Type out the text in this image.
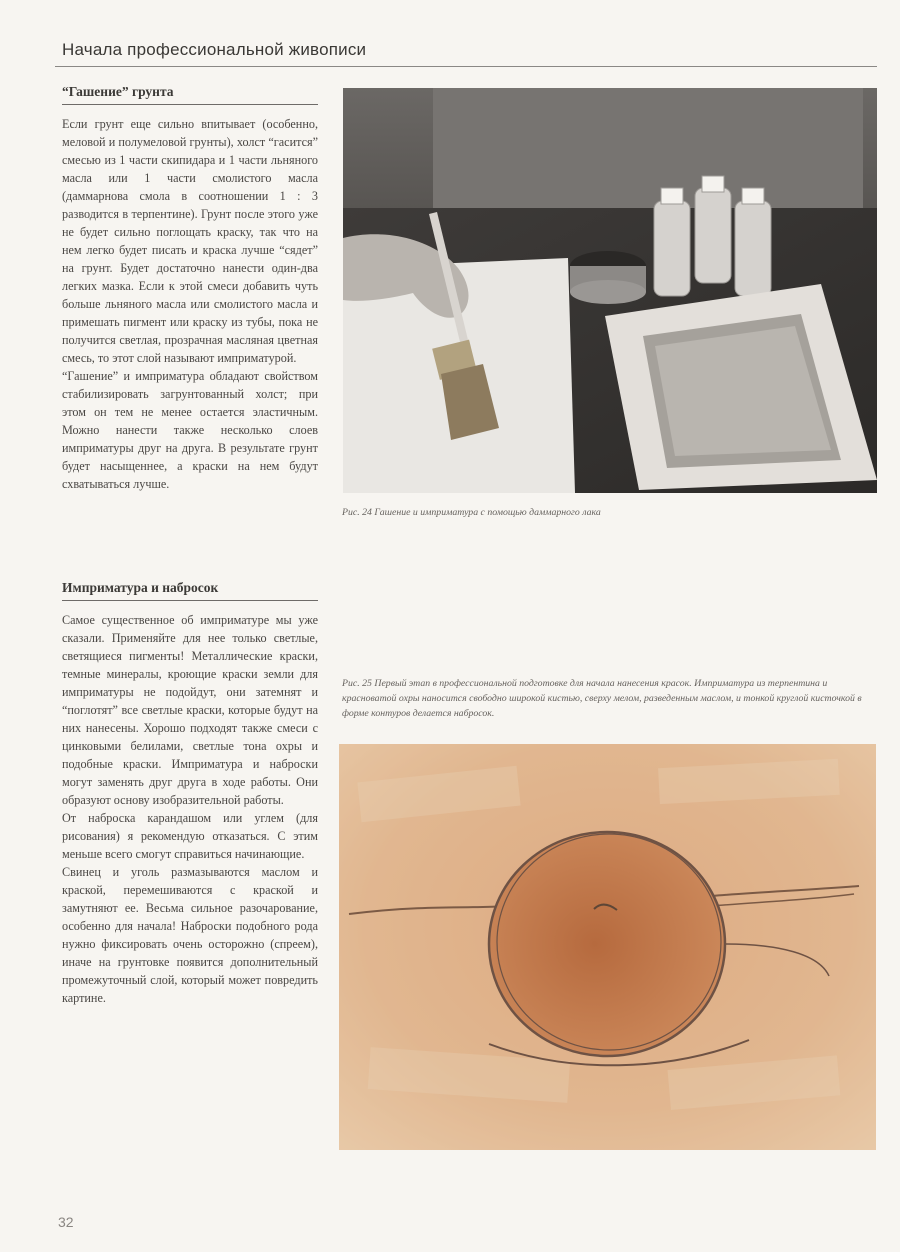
Начала профессиональной живописи
“Гашение” грунта

Если грунт еще сильно впитывает (особенно, меловой и полумеловой грунты), холст “гасится” смесью из 1 части скипидара и 1 части льняного масла или 1 части смолистого масла (даммарнова смола в соотношении 1 : 3 разводится в терпентине). Грунт после этого уже не будет сильно поглощать краску, так что на нем легко будет писать и краска лучше “сядет” на грунт. Будет достаточно нанести один-два легких мазка. Если к этой смеси добавить чуть больше льняного масла или смолистого масла и примешать пигмент или краску из тубы, пока не получится светлая, прозрачная масляная цветная смесь, то этот слой называют имприматурой.

“Гашение” и имприматура обладают свойством стабилизировать загрунтованный холст; при этом он тем не менее остается эластичным. Можно нанести также несколько слоев имприматуры друг на друга. В результате грунт будет насыщеннее, а краски на нем будут схватываться лучше.

Имприматура и набросок

Самое существенное об имприматуре мы уже сказали. Применяйте для нее только светлые, светящиеся пигменты! Металлические краски, темные минералы, кроющие краски земли для имприматуры не подойдут, они затемнят и “поглотят” все светлые краски, которые будут на них нанесены. Хорошо подходят также смеси с цинковыми белилами, светлые тона охры и подобные краски. Имприматура и наброски могут заменять друг друга в ходе работы. Они образуют основу изобразительной работы.

От наброска карандашом или углем (для рисования) я рекомендую отказаться. С этим меньше всего смогут справиться начинающие.

Свинец и уголь размазываются маслом и краской, перемешиваются с краской и замутняют ее. Весьма сильное разочарование, особенно для начала! Наброски подобного рода нужно фиксировать очень осторожно (спреем), иначе на грунтовке появится дополнительный промежуточный слой, который может повредить картине.

Рис. 24 Гашение и имприматура с помощью даммарного лака
Рис. 25 Первый этап в профессиональной подготовке для начала нанесения красок. Имприматура из терпентина и красноватой охры наносится свободно широкой кистью, сверху мелом, разведенным маслом, и тонкой круглой кисточкой в форме контуров делается набросок.
32
